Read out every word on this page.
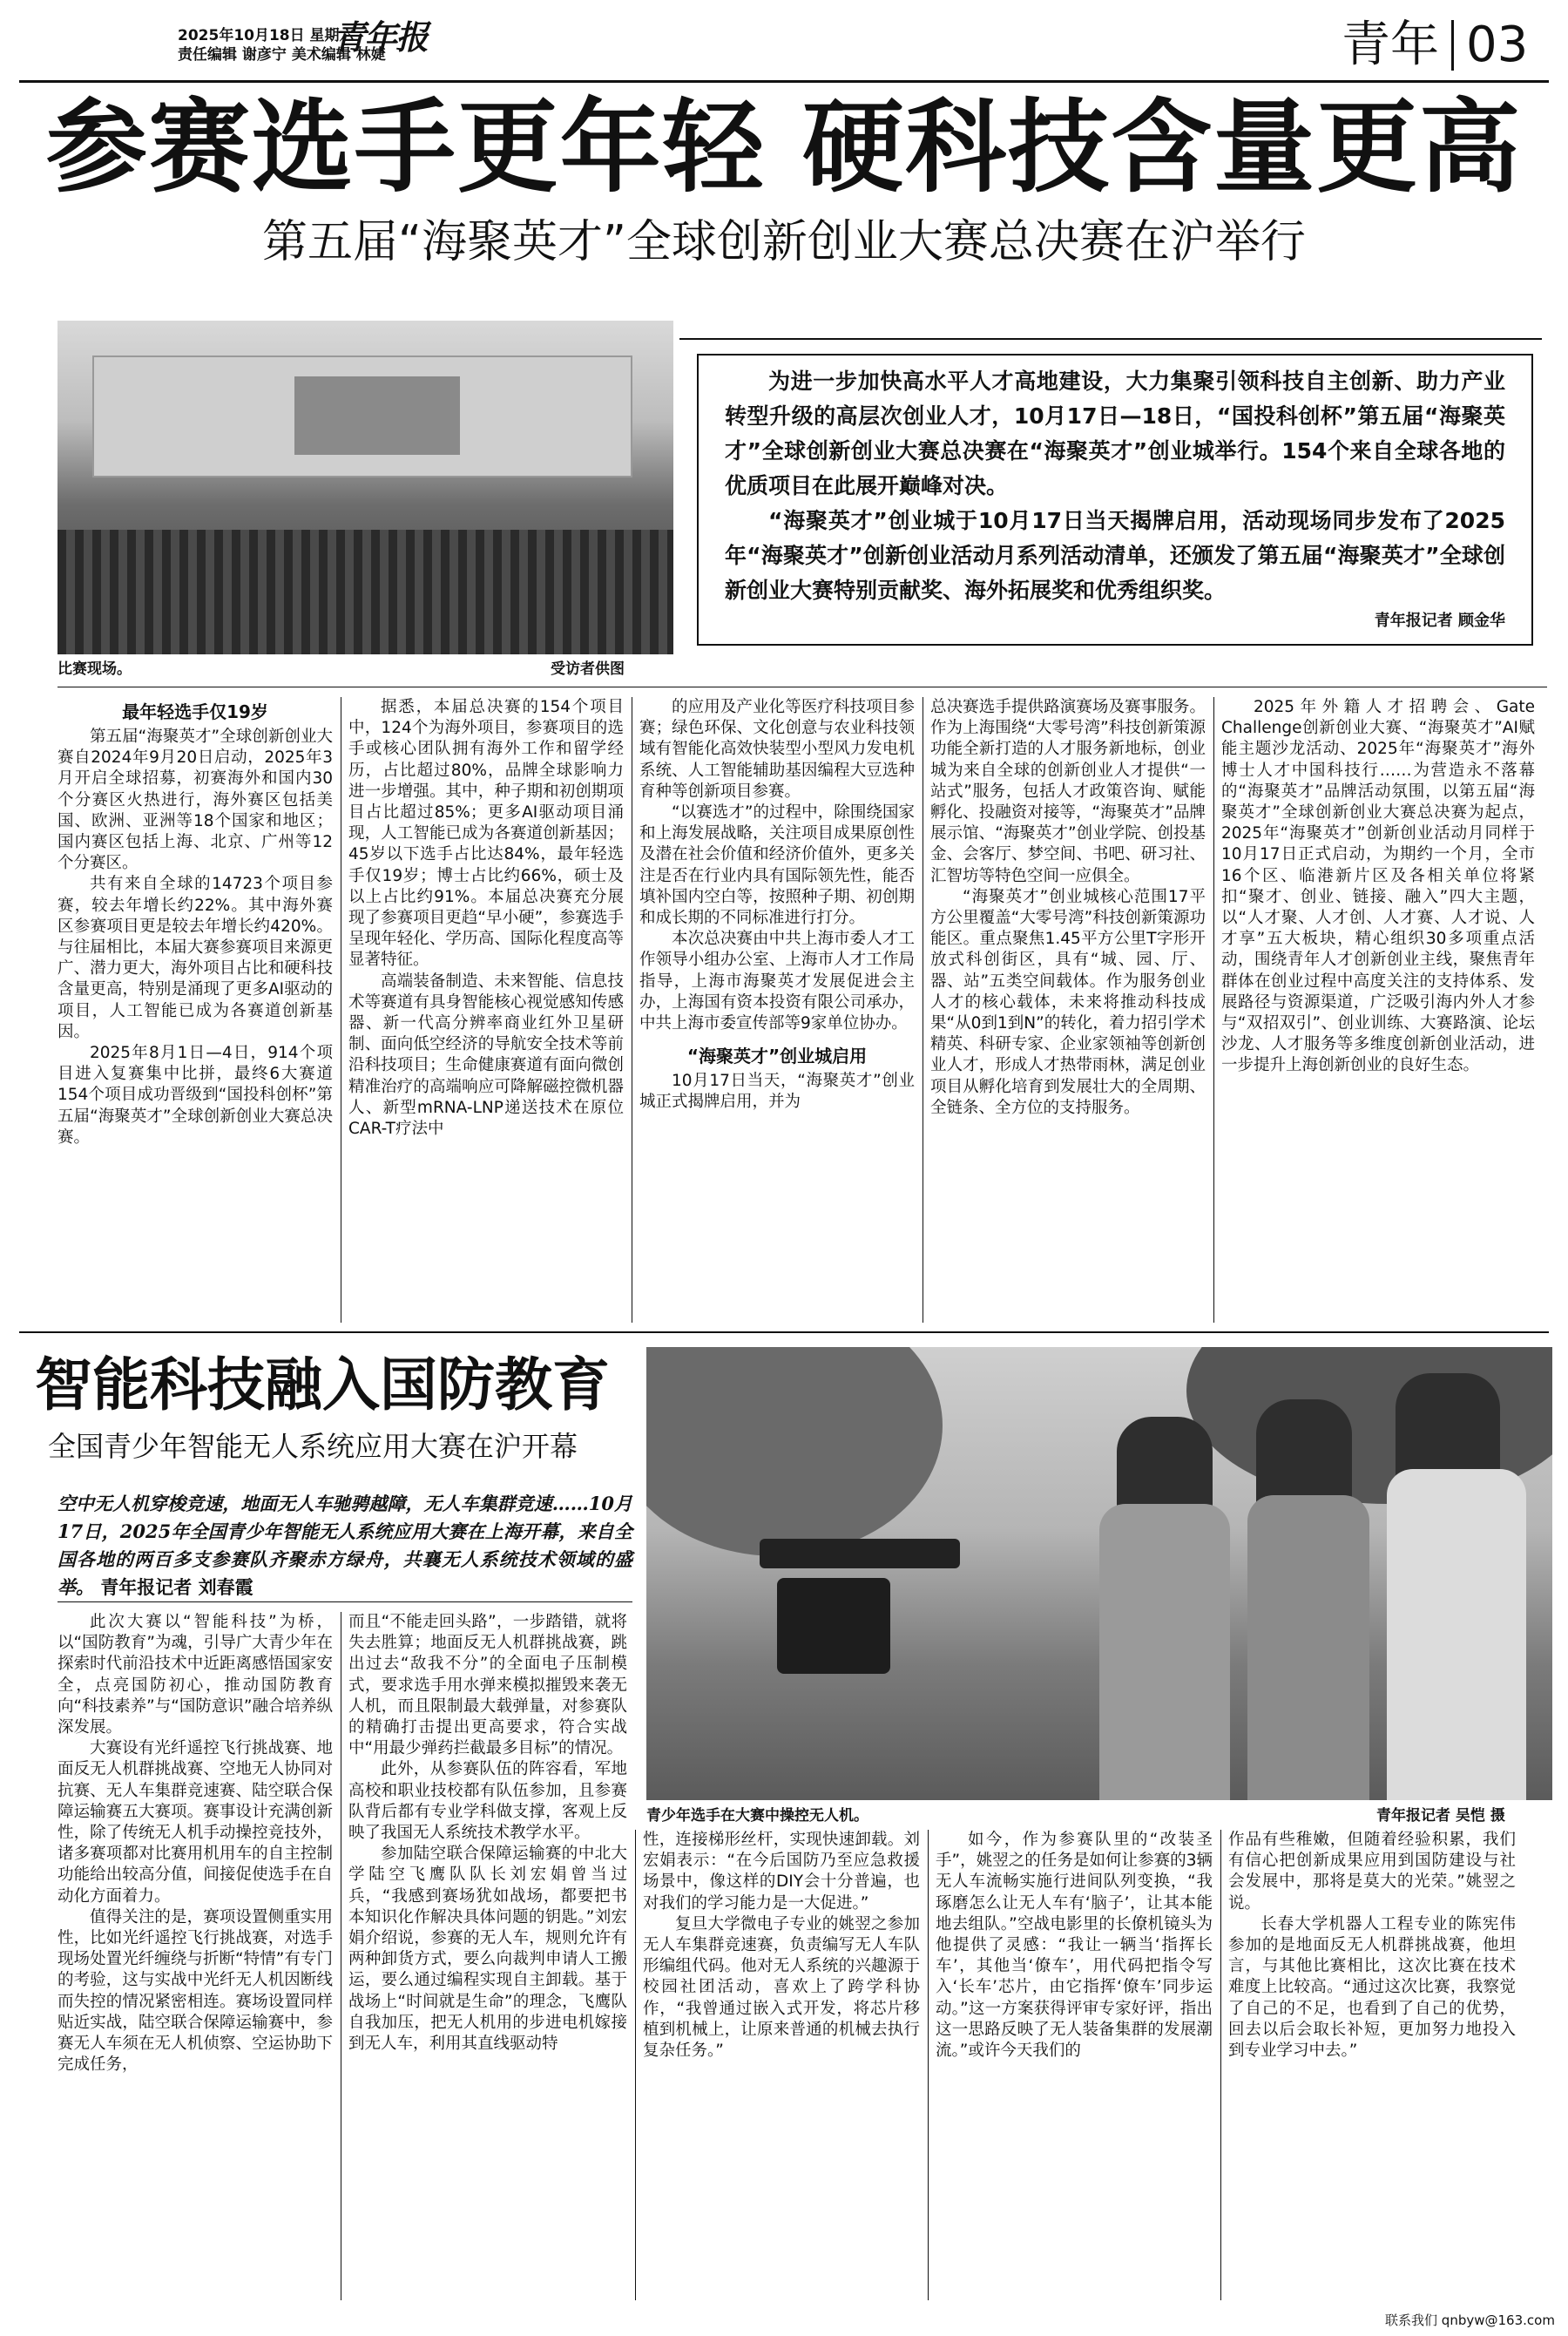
2025年10月18日 星期六
责任编辑 谢彦宁 美术编辑 林婕
青年报	青年 03
参赛选手更年轻 硬科技含量更高
第五届“海聚英才”全球创新创业大赛总决赛在沪举行
比赛现场。	受访者供图

为进一步加快高水平人才高地建设，大力集聚引领科技自主创新、助力产业转型升级的高层次创业人才，10月17日—18日，“国投科创杯”第五届“海聚英才”全球创新创业大赛总决赛在“海聚英才”创业城举行。154个来自全球各地的优质项目在此展开巅峰对决。

“海聚英才”创业城于10月17日当天揭牌启用，活动现场同步发布了2025年“海聚英才”创新创业活动月系列活动清单，还颁发了第五届“海聚英才”全球创新创业大赛特别贡献奖、海外拓展奖和优秀组织奖。

青年报记者 顾金华

最年轻选手仅19岁

第五届“海聚英才”全球创新创业大赛自2024年9月20日启动，2025年3月开启全球招募，初赛海外和国内30个分赛区火热进行，海外赛区包括美国、欧洲、亚洲等18个国家和地区；国内赛区包括上海、北京、广州等12个分赛区。

共有来自全球的14723个项目参赛，较去年增长约22%。其中海外赛区参赛项目更是较去年增长约420%。与往届相比，本届大赛参赛项目来源更广、潜力更大，海外项目占比和硬科技含量更高，特别是涌现了更多AI驱动的项目，人工智能已成为各赛道创新基因。

2025年8月1日—4日，914个项目进入复赛集中比拼，最终6大赛道154个项目成功晋级到“国投科创杯”第五届“海聚英才”全球创新创业大赛总决赛。

据悉，本届总决赛的154个项目中，124个为海外项目，参赛项目的选手或核心团队拥有海外工作和留学经历，占比超过80%，品牌全球影响力进一步增强。其中，种子期和初创期项目占比超过85%；更多AI驱动项目涌现，人工智能已成为各赛道创新基因；45岁以下选手占比达84%，最年轻选手仅19岁；博士占比约66%，硕士及以上占比约91%。本届总决赛充分展现了参赛项目更趋“早小硬”，参赛选手呈现年轻化、学历高、国际化程度高等显著特征。

高端装备制造、未来智能、信息技术等赛道有具身智能核心视觉感知传感器、新一代高分辨率商业红外卫星研制、面向低空经济的导航安全技术等前沿科技项目；生命健康赛道有面向微创精准治疗的高端响应可降解磁控微机器人、新型mRNA-LNP递送技术在原位CAR-T疗法中

的应用及产业化等医疗科技项目参赛；绿色环保、文化创意与农业科技领域有智能化高效快装型小型风力发电机系统、人工智能辅助基因编程大豆选种育种等创新项目参赛。

“以赛选才”的过程中，除围绕国家和上海发展战略，关注项目成果原创性及潜在社会价值和经济价值外，更多关注是否在行业内具有国际领先性，能否填补国内空白等，按照种子期、初创期和成长期的不同标准进行打分。

本次总决赛由中共上海市委人才工作领导小组办公室、上海市人才工作局指导，上海市海聚英才发展促进会主办，上海国有资本投资有限公司承办，中共上海市委宣传部等9家单位协办。

“海聚英才”创业城启用

10月17日当天，“海聚英才”创业城正式揭牌启用，并为

总决赛选手提供路演赛场及赛事服务。作为上海围绕“大零号湾”科技创新策源功能全新打造的人才服务新地标，创业城为来自全球的创新创业人才提供“一站式”服务，包括人才政策咨询、赋能孵化、投融资对接等，“海聚英才”品牌展示馆、“海聚英才”创业学院、创投基金、会客厅、梦空间、书吧、研习社、汇智坊等特色空间一应俱全。

“海聚英才”创业城核心范围17平方公里覆盖“大零号湾”科技创新策源功能区。重点聚焦1.45平方公里T字形开放式科创街区，具有“城、园、厅、器、站”五类空间载体。作为服务创业人才的核心载体，未来将推动科技成果“从0到1到N”的转化，着力招引学术精英、科研专家、企业家领袖等创新创业人才，形成人才热带雨林，满足创业项目从孵化培育到发展壮大的全周期、全链条、全方位的支持服务。

2025年外籍人才招聘会、Gate Challenge创新创业大赛、“海聚英才”AI赋能主题沙龙活动、2025年“海聚英才”海外博士人才中国科技行……为营造永不落幕的“海聚英才”品牌活动氛围，以第五届“海聚英才”全球创新创业大赛总决赛为起点，2025年“海聚英才”创新创业活动月同样于10月17日正式启动，为期约一个月，全市16个区、临港新片区及各相关单位将紧扣“聚才、创业、链接、融入”四大主题，以“人才聚、人才创、人才赛、人才说、人才享”五大板块，精心组织30多项重点活动，围绕青年人才创新创业主线，聚焦青年群体在创业过程中高度关注的支持体系、发展路径与资源渠道，广泛吸引海内外人才参与“双招双引”、创业训练、大赛路演、论坛沙龙、人才服务等多维度创新创业活动，进一步提升上海创新创业的良好生态。

智能科技融入国防教育
全国青少年智能无人系统应用大赛在沪开幕
空中无人机穿梭竞速，地面无人车驰骋越障，无人车集群竞速……10月17日，2025年全国青少年智能无人系统应用大赛在上海开幕，来自全国各地的两百多支参赛队齐聚赤方绿舟，共襄无人系统技术领域的盛举。 青年报记者 刘春霞
青少年选手在大赛中操控无人机。	青年报记者 吴恺 摄

此次大赛以“智能科技”为桥，以“国防教育”为魂，引导广大青少年在探索时代前沿技术中近距离感悟国家安全，点亮国防初心，推动国防教育向“科技素养”与“国防意识”融合培养纵深发展。

大赛设有光纤遥控飞行挑战赛、地面反无人机群挑战赛、空地无人协同对抗赛、无人车集群竞速赛、陆空联合保障运输赛五大赛项。赛事设计充满创新性，除了传统无人机手动操控竞技外，诸多赛项都对比赛用机用车的自主控制功能给出较高分值，间接促使选手在自动化方面着力。

值得关注的是，赛项设置侧重实用性，比如光纤遥控飞行挑战赛，对选手现场处置光纤缠绕与折断“特情”有专门的考验，这与实战中光纤无人机因断线而失控的情况紧密相连。赛场设置同样贴近实战，陆空联合保障运输赛中，参赛无人车须在无人机侦察、空运协助下完成任务，

而且“不能走回头路”，一步踏错，就将失去胜算；地面反无人机群挑战赛，跳出过去“敌我不分”的全面电子压制模式，要求选手用水弹来模拟摧毁来袭无人机，而且限制最大载弹量，对参赛队的精确打击提出更高要求，符合实战中“用最少弹药拦截最多目标”的情况。

此外，从参赛队伍的阵容看，军地高校和职业技校都有队伍参加，且参赛队背后都有专业学科做支撑，客观上反映了我国无人系统技术教学水平。

参加陆空联合保障运输赛的中北大学陆空飞鹰队队长刘宏娟曾当过兵，“我感到赛场犹如战场，都要把书本知识化作解决具体问题的钥匙。”刘宏娟介绍说，参赛的无人车，规则允许有两种卸货方式，要么向裁判申请人工搬运，要么通过编程实现自主卸载。基于战场上“时间就是生命”的理念，飞鹰队自我加压，把无人机用的步进电机嫁接到无人车，利用其直线驱动特

性，连接梯形丝杆，实现快速卸载。刘宏娟表示：“在今后国防乃至应急救援场景中，像这样的DIY会十分普遍，也对我们的学习能力是一大促进。”

复旦大学微电子专业的姚翌之参加无人车集群竞速赛，负责编写无人车队形编组代码。他对无人系统的兴趣源于校园社团活动，喜欢上了跨学科协作，“我曾通过嵌入式开发，将芯片移植到机械上，让原来普通的机械去执行复杂任务。”

如今，作为参赛队里的“改装圣手”，姚翌之的任务是如何让参赛的3辆无人车流畅实施行进间队列变换，“我琢磨怎么让无人车有‘脑子’，让其本能地去组队。”空战电影里的长僚机镜头为他提供了灵感：“我让一辆当‘指挥长车’，其他当‘僚车’，用代码把指令写入‘长车’芯片，由它指挥‘僚车’同步运动。”这一方案获得评审专家好评，指出这一思路反映了无人装备集群的发展潮流。”或许今天我们的

作品有些稚嫩，但随着经验积累，我们有信心把创新成果应用到国防建设与社会发展中，那将是莫大的光荣。”姚翌之说。

长春大学机器人工程专业的陈宪伟参加的是地面反无人机群挑战赛，他坦言，与其他比赛相比，这次比赛在技术难度上比较高。“通过这次比赛，我察觉了自己的不足，也看到了自己的优势，回去以后会取长补短，更加努力地投入到专业学习中去。”

联系我们 qnbyw@163.com
